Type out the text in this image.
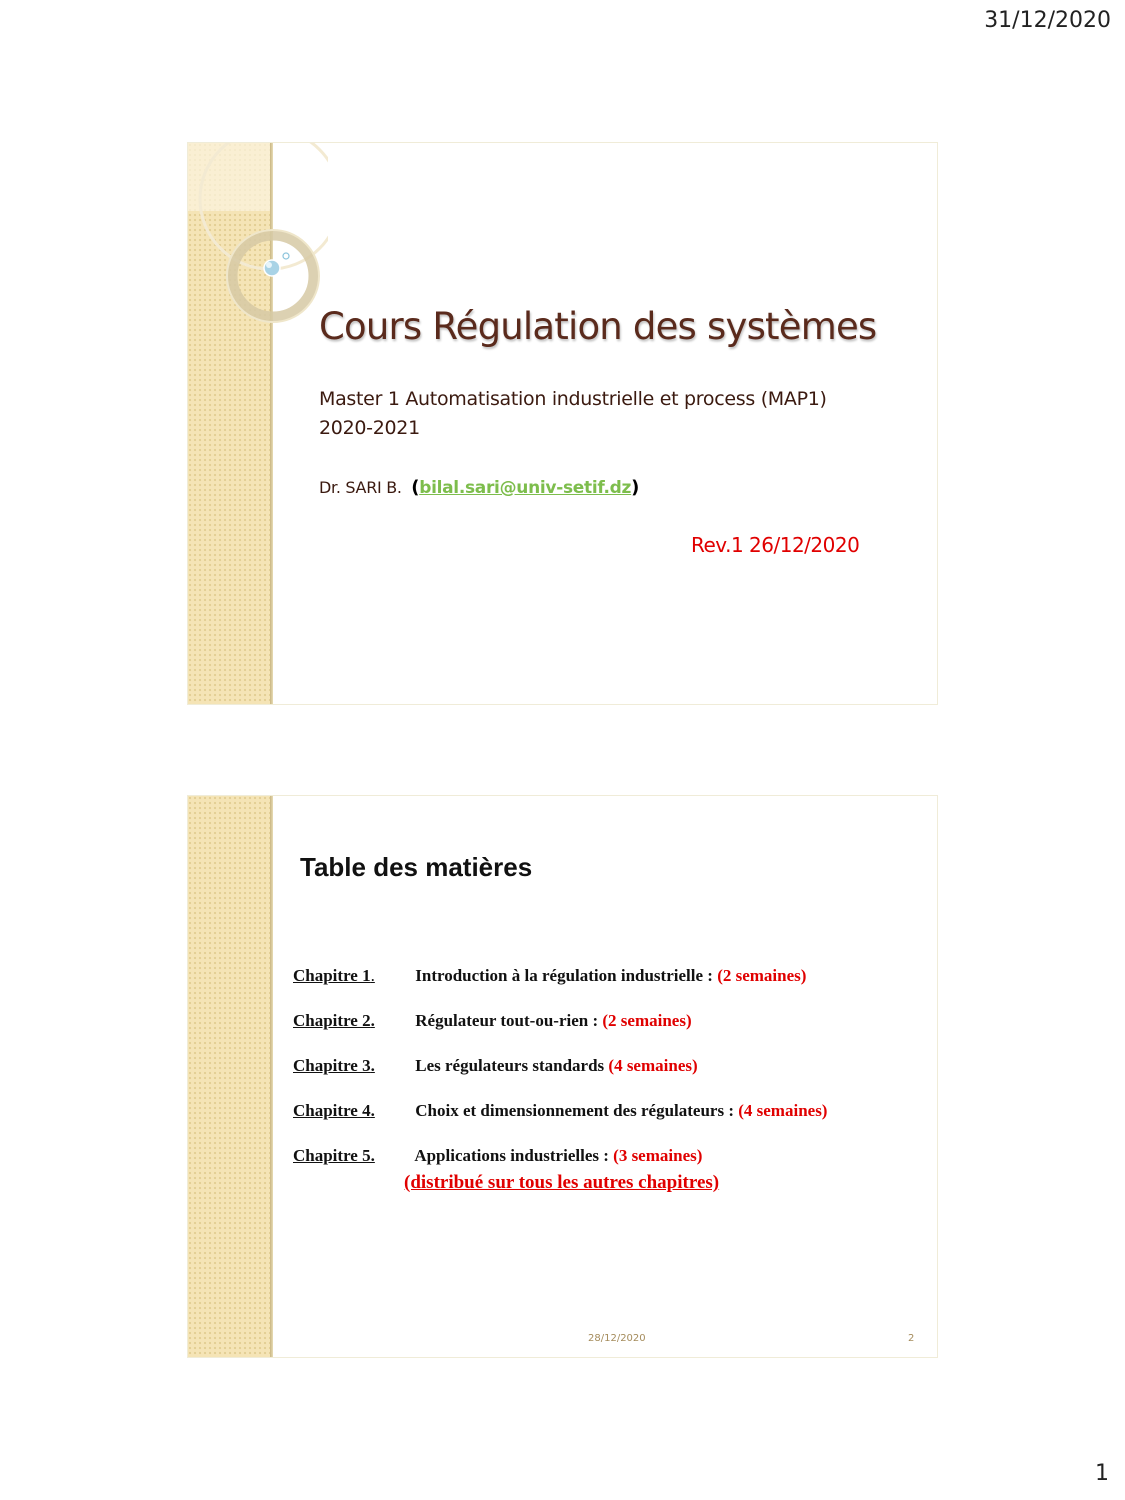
31/12/2020
Cours Régulation des systèmes
Master 1 Automatisation industrielle et process (MAP1)
2020-2021
Dr. SARI B. (bilal.sari@univ-setif.dz)
Rev.1 26/12/2020
Table des matières
Chapitre 1. Introduction à la régulation industrielle : (2 semaines)
Chapitre 2. Régulateur tout-ou-rien : (2 semaines)
Chapitre 3. Les régulateurs standards (4 semaines)
Chapitre 4. Choix et dimensionnement des régulateurs : (4 semaines)
Chapitre 5. Applications industrielles : (3 semaines)
(distribué sur tous les autres chapitres)
28/12/2020	2
1
